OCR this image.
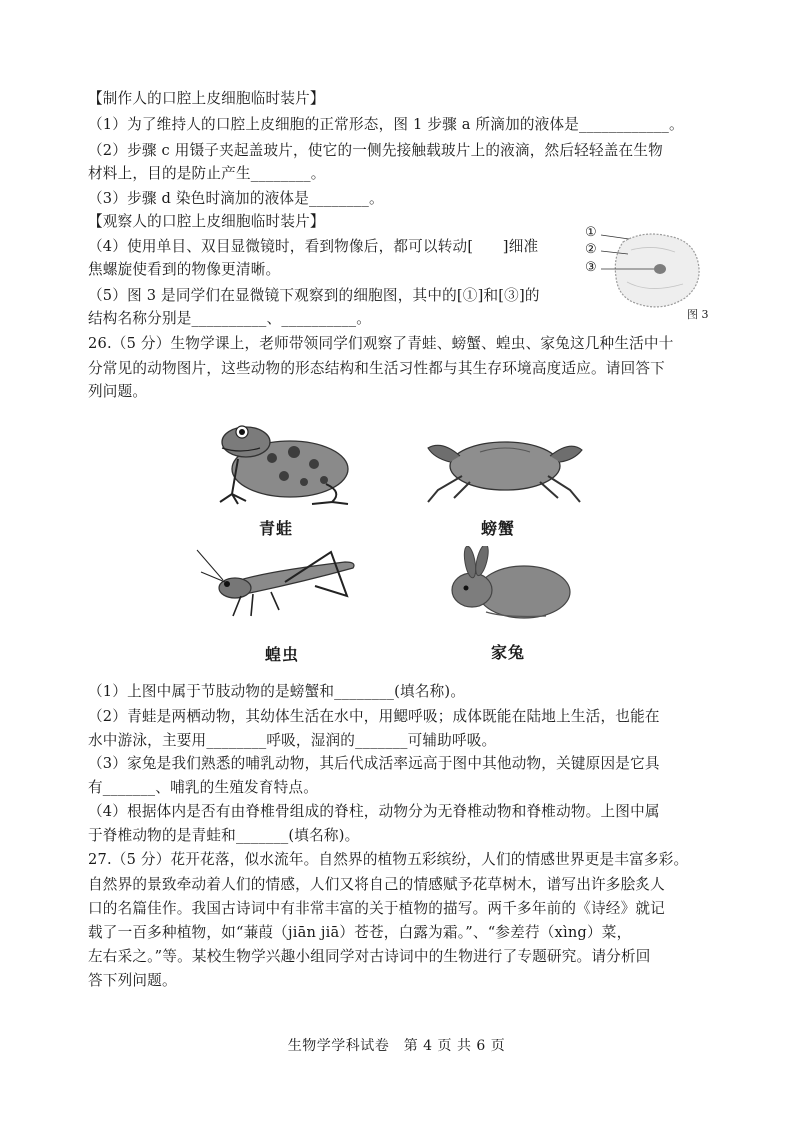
【制作人的口腔上皮细胞临时装片】
（1）为了维持人的口腔上皮细胞的正常形态，图 1 步骤 a 所滴加的液体是____________。
（2）步骤 c 用镊子夹起盖玻片，使它的一侧先接触载玻片上的液滴，然后轻轻盖在生物
材料上，目的是防止产生________。
（3）步骤 d 染色时滴加的液体是________。
【观察人的口腔上皮细胞临时装片】
（4）使用单目、双目显微镜时，看到物像后，都可以转动[　　]细准
焦螺旋使看到的物像更清晰。
（5）图 3 是同学们在显微镜下观察到的细胞图，其中的[①]和[③]的
结构名称分别是__________、__________。
①
②
③
图 3
26.（5 分）生物学课上，老师带领同学们观察了青蛙、螃蟹、蝗虫、家兔这几种生活中十
分常见的动物图片，这些动物的形态结构和生活习性都与其生存环境高度适应。请回答下
列问题。
青蛙	螃蟹
蝗虫	家兔
（1）上图中属于节肢动物的是螃蟹和________(填名称)。
（2）青蛙是两栖动物，其幼体生活在水中，用鳃呼吸；成体既能在陆地上生活，也能在
水中游泳，主要用________呼吸，湿润的_______可辅助呼吸。
（3）家兔是我们熟悉的哺乳动物，其后代成活率远高于图中其他动物，关键原因是它具
有_______、哺乳的生殖发育特点。
（4）根据体内是否有由脊椎骨组成的脊柱，动物分为无脊椎动物和脊椎动物。上图中属
于脊椎动物的是青蛙和_______(填名称)。
27.（5 分）花开花落，似水流年。自然界的植物五彩缤纷，人们的情感世界更是丰富多彩。
自然界的景致牵动着人们的情感，人们又将自己的情感赋予花草树木，谱写出许多脍炙人
口的名篇佳作。我国古诗词中有非常丰富的关于植物的描写。两千多年前的《诗经》就记
载了一百多种植物，如“蒹葭（jiān jiā）苍苍，白露为霜。”、“参差荇（xìng）菜，
左右采之。”等。某校生物学兴趣小组同学对古诗词中的生物进行了专题研究。请分析回
答下列问题。
生物学学科试卷　第 4 页 共 6 页
